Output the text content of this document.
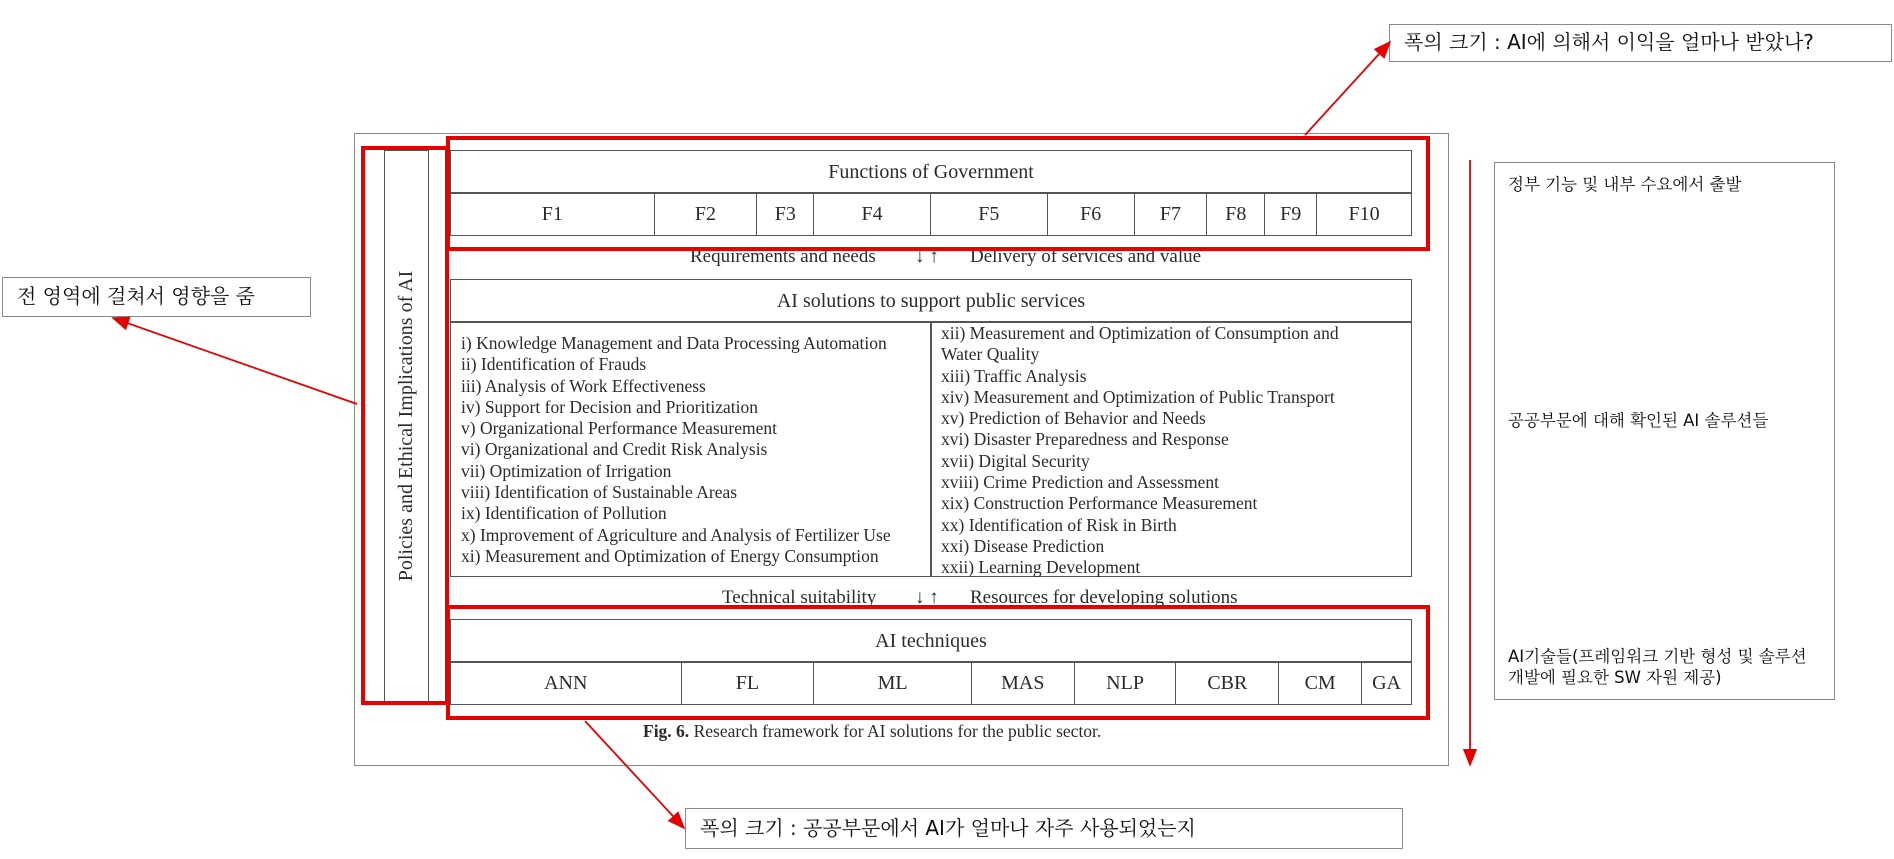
Policies and Ethical Implications of AI
Functions of Government
F1	F2	F3	F4	F5	F6	F7	F8	F9	F10
Requirements and needs ↓ ↑ Delivery of services and value
AI solutions to support public services
i) Knowledge Management and Data Processing Automation
ii) Identification of Frauds
iii) Analysis of Work Effectiveness
iv) Support for Decision and Prioritization
v) Organizational Performance Measurement
vi) Organizational and Credit Risk Analysis
vii) Optimization of Irrigation
viii) Identification of Sustainable Areas
ix) Identification of Pollution
x) Improvement of Agriculture and Analysis of Fertilizer Use
xi) Measurement and Optimization of Energy Consumption
xii) Measurement and Optimization of Consumption and
Water Quality
xiii) Traffic Analysis
xiv) Measurement and Optimization of Public Transport
xv) Prediction of Behavior and Needs
xvi) Disaster Preparedness and Response
xvii) Digital Security
xviii) Crime Prediction and Assessment
xix) Construction Performance Measurement
xx) Identification of Risk in Birth
xxi) Disease Prediction
xxii) Learning Development
Technical suitability ↓ ↑ Resources for developing solutions
AI techniques
ANN	FL	ML	MAS	NLP	CBR	CM	GA
Fig. 6. Research framework for AI solutions for the public sector.
폭의 크기 : AI에 의해서 이익을 얼마나 받았나?
전 영역에 걸쳐서 영향을 줌
폭의 크기 : 공공부문에서 AI가 얼마나 자주 사용되었는지
정부 기능 및 내부 수요에서 출발
공공부문에 대해 확인된 AI 솔루션들
AI기술들(프레임워크 기반 형성 및 솔루션 개발에 필요한 SW 자원 제공)
